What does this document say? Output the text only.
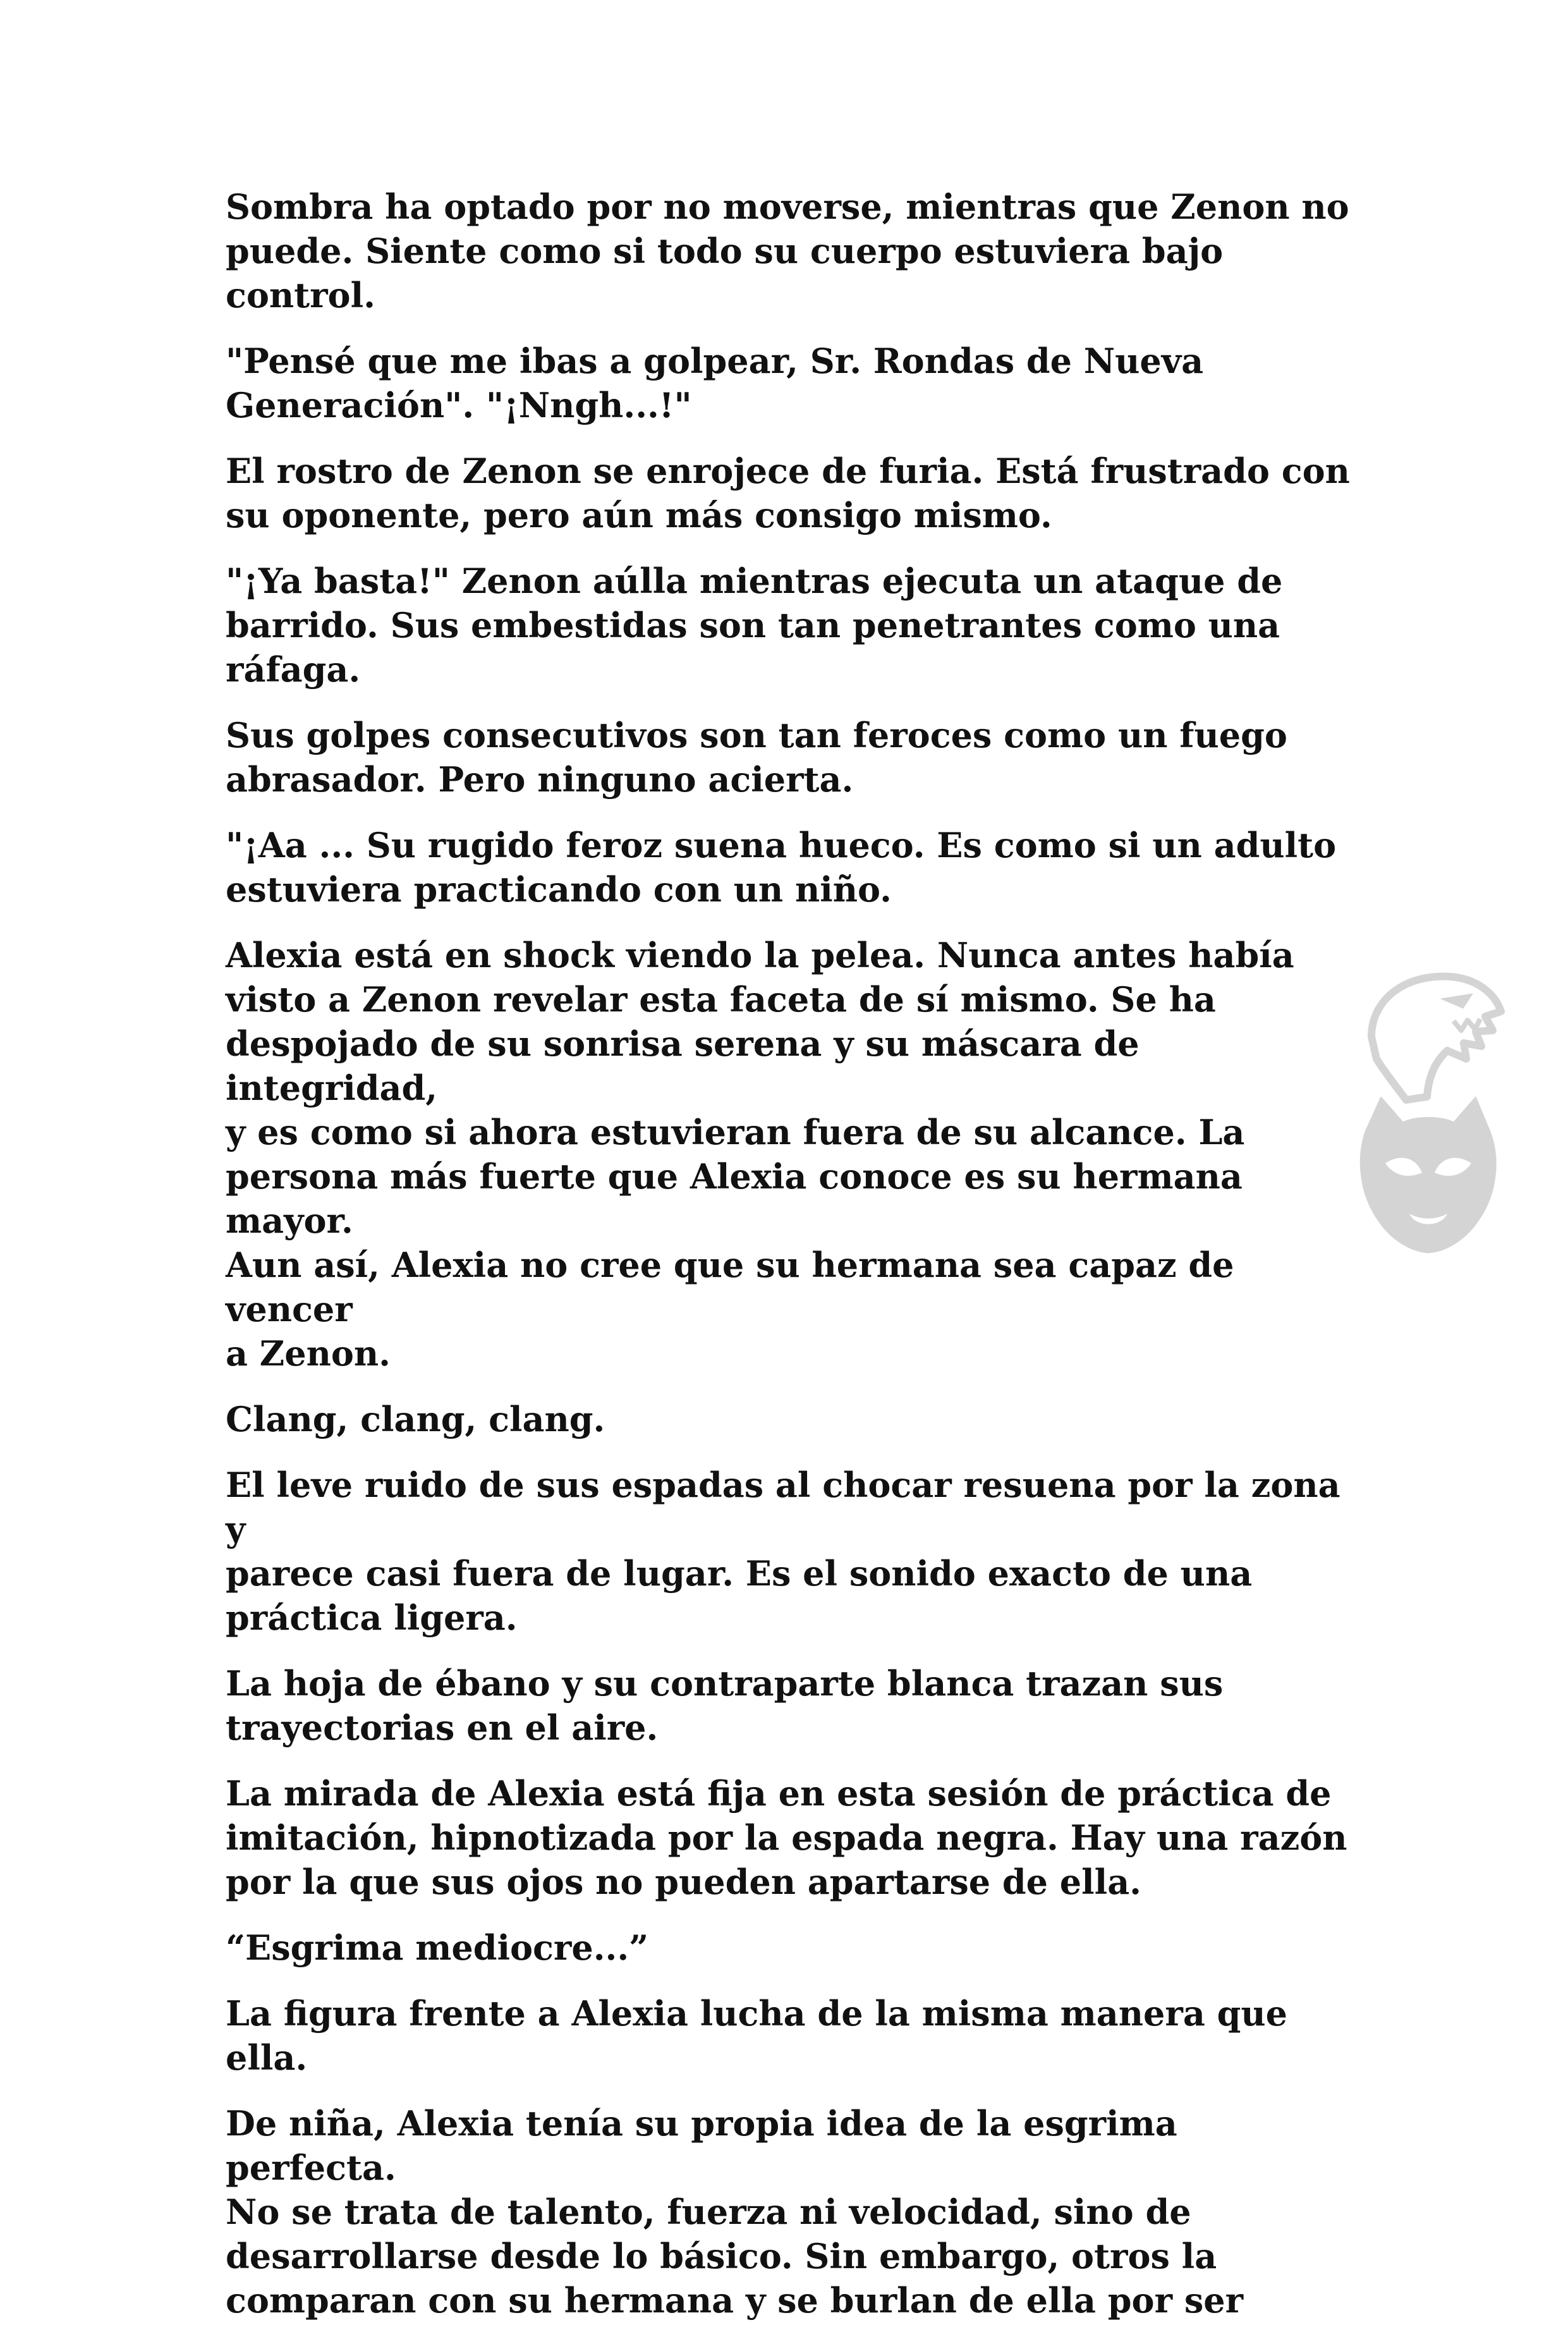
Sombra ha optado por no moverse, mientras que Zenon no
puede. Siente como si todo su cuerpo estuviera bajo control.

"Pensé que me ibas a golpear, Sr. Rondas de Nueva
Generación". "¡Nngh...!"

El rostro de Zenon se enrojece de furia. Está frustrado con
su oponente, pero aún más consigo mismo.

"¡Ya basta!" Zenon aúlla mientras ejecuta un ataque de
barrido. Sus embestidas son tan penetrantes como una
ráfaga.

Sus golpes consecutivos son tan feroces como un fuego
abrasador. Pero ninguno acierta.

"¡Aa ... Su rugido feroz suena hueco. Es como si un adulto
estuviera practicando con un niño.

Alexia está en shock viendo la pelea. Nunca antes había
visto a Zenon revelar esta faceta de sí mismo. Se ha
despojado de su sonrisa serena y su máscara de integridad,
y es como si ahora estuvieran fuera de su alcance. La
persona más fuerte que Alexia conoce es su hermana mayor.
Aun así, Alexia no cree que su hermana sea capaz de vencer
a Zenon.

Clang, clang, clang.

El leve ruido de sus espadas al chocar resuena por la zona y
parece casi fuera de lugar. Es el sonido exacto de una
práctica ligera.

La hoja de ébano y su contraparte blanca trazan sus
trayectorias en el aire.

La mirada de Alexia está fija en esta sesión de práctica de
imitación, hipnotizada por la espada negra. Hay una razón
por la que sus ojos no pueden apartarse de ella.

“Esgrima mediocre...”

La figura frente a Alexia lucha de la misma manera que ella.

De niña, Alexia tenía su propia idea de la esgrima perfecta.
No se trata de talento, fuerza ni velocidad, sino de
desarrollarse desde lo básico. Sin embargo, otros la
comparan con su hermana y se burlan de ella por ser
